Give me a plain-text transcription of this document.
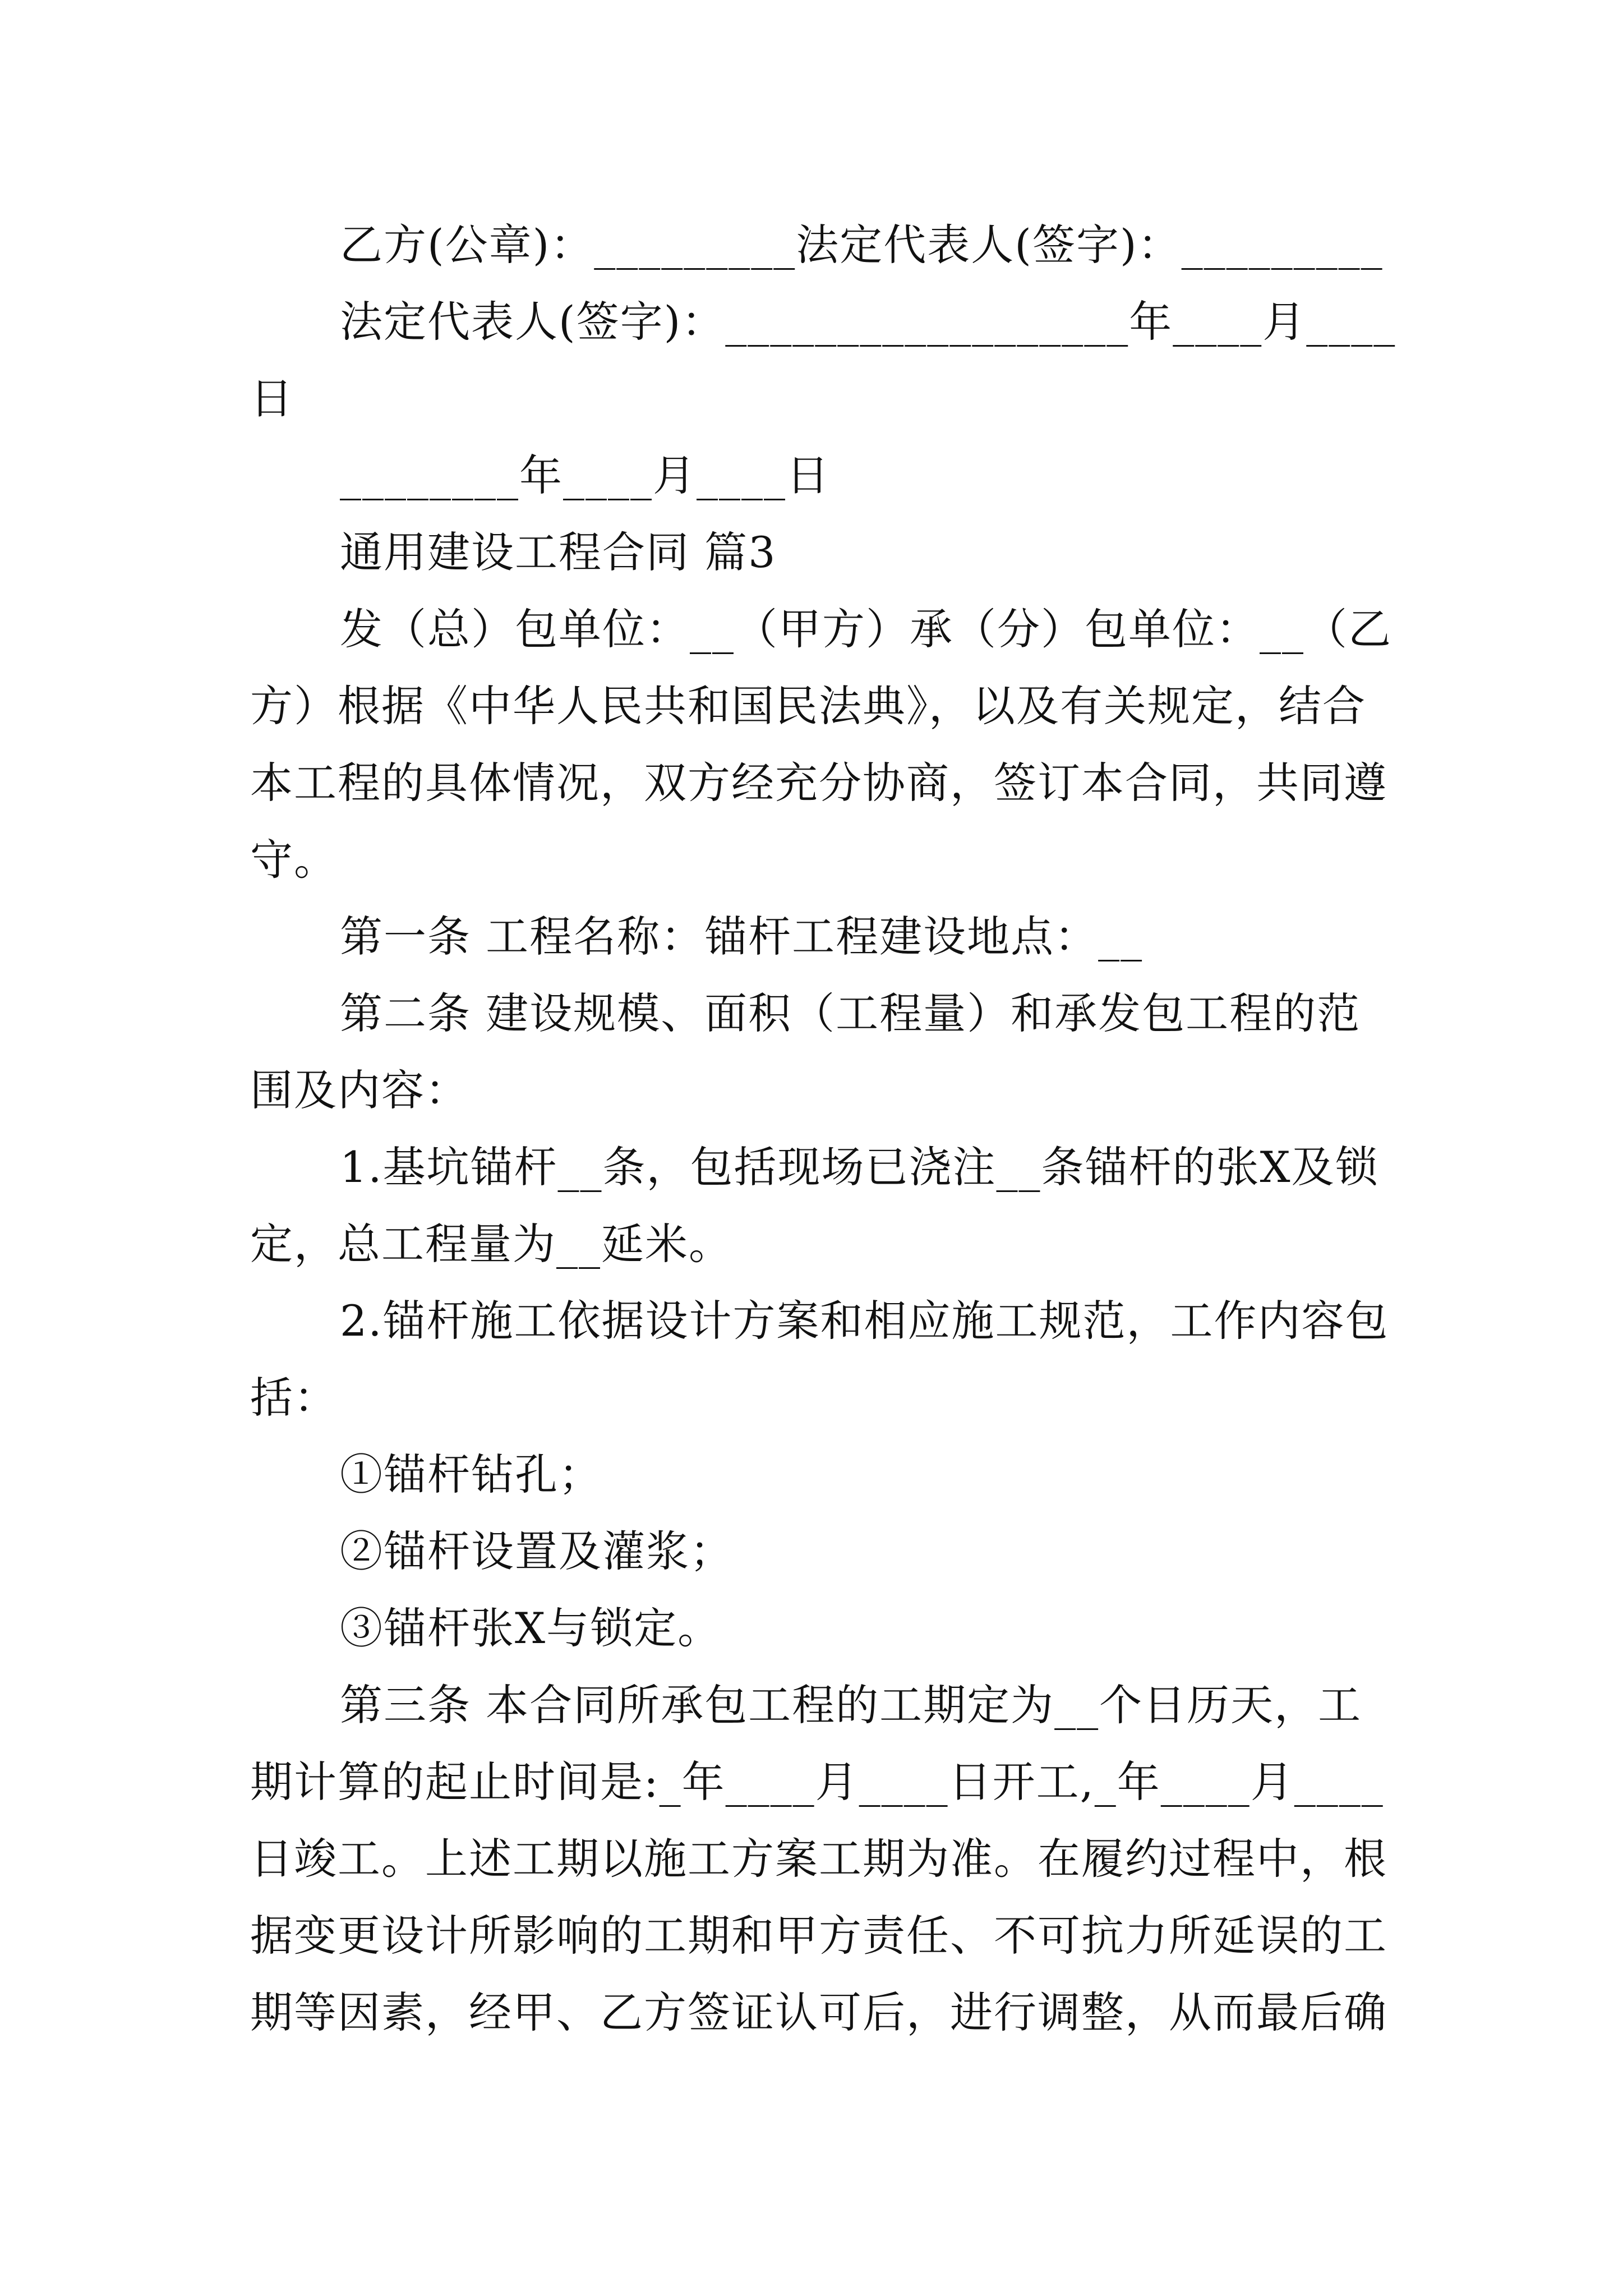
乙方(公章)：_________法定代表人(签字)：_________
法定代表人(签字)：__________________年____月____
日
________年____月____日
通用建设工程合同 篇3
发（总）包单位：__（甲方）承（分）包单位：__（乙
方）根据《中华人民共和国民法典》，以及有关规定，结合
本工程的具体情况，双方经充分协商，签订本合同，共同遵
守。
第一条 工程名称：锚杆工程建设地点：__
第二条 建设规模、面积（工程量）和承发包工程的范
围及内容：
1.基坑锚杆__条，包括现场已浇注__条锚杆的张X及锁
定，总工程量为__延米。
2.锚杆施工依据设计方案和相应施工规范，工作内容包
括：
①锚杆钻孔；
②锚杆设置及灌浆；
③锚杆张X与锁定。
第三条 本合同所承包工程的工期定为__个日历天，工
期计算的起止时间是:_年____月____日开工,_年____月____
日竣工。上述工期以施工方案工期为准。在履约过程中，根
据变更设计所影响的工期和甲方责任、不可抗力所延误的工
期等因素，经甲、乙方签证认可后，进行调整，从而最后确
